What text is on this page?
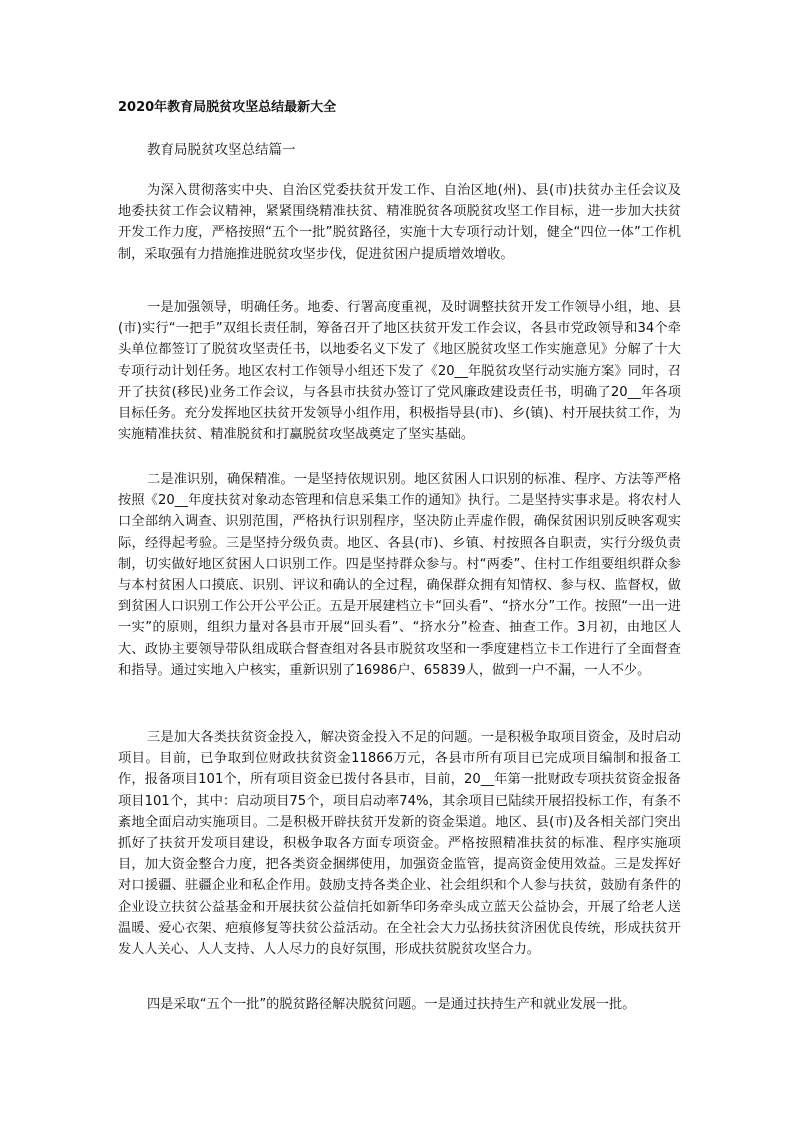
2020年教育局脱贫攻坚总结最新大全
教育局脱贫攻坚总结篇一

为深入贯彻落实中央、自治区党委扶贫开发工作、自治区地(州)、县(市)扶贫办主任会议及地委扶贫工作会议精神，紧紧围绕精准扶贫、精准脱贫各项脱贫攻坚工作目标，进一步加大扶贫开发工作力度，严格按照“五个一批”脱贫路径，实施十大专项行动计划，健全“四位一体”工作机制，采取强有力措施推进脱贫攻坚步伐，促进贫困户提质增效增收。

一是加强领导，明确任务。地委、行署高度重视，及时调整扶贫开发工作领导小组，地、县(市)实行“一把手”双组长责任制，筹备召开了地区扶贫开发工作会议，各县市党政领导和34个牵头单位都签订了脱贫攻坚责任书，以地委名义下发了《地区脱贫攻坚工作实施意见》分解了十大专项行动计划任务。地区农村工作领导小组还下发了《20__年脱贫攻坚行动实施方案》同时，召开了扶贫(移民)业务工作会议，与各县市扶贫办签订了党风廉政建设责任书，明确了20__年各项目标任务。充分发挥地区扶贫开发领导小组作用，积极指导县(市)、乡(镇)、村开展扶贫工作，为实施精准扶贫、精准脱贫和打赢脱贫攻坚战奠定了坚实基础。

二是准识别，确保精准。一是坚持依规识别。地区贫困人口识别的标准、程序、方法等严格按照《20__年度扶贫对象动态管理和信息采集工作的通知》执行。二是坚持实事求是。将农村人口全部纳入调查、识别范围，严格执行识别程序，坚决防止弄虚作假，确保贫困识别反映客观实际，经得起考验。三是坚持分级负责。地区、各县(市)、乡镇、村按照各自职责，实行分级负责制，切实做好地区贫困人口识别工作。四是坚持群众参与。村“两委”、住村工作组要组织群众参与本村贫困人口摸底、识别、评议和确认的全过程，确保群众拥有知情权、参与权、监督权，做到贫困人口识别工作公开公平公正。五是开展建档立卡“回头看”、“挤水分”工作。按照“一出一进一实”的原则，组织力量对各县市开展“回头看”、“挤水分”检查、抽查工作。3月初，由地区人大、政协主要领导带队组成联合督查组对各县市脱贫攻坚和一季度建档立卡工作进行了全面督查和指导。通过实地入户核实，重新识别了16986户、65839人，做到一户不漏，一人不少。

三是加大各类扶贫资金投入，解决资金投入不足的问题。一是积极争取项目资金，及时启动项目。目前，已争取到位财政扶贫资金11866万元，各县市所有项目已完成项目编制和报备工作，报备项目101个，所有项目资金已拨付各县市，目前，20__年第一批财政专项扶贫资金报备项目101个，其中：启动项目75个，项目启动率74%，其余项目已陆续开展招投标工作，有条不紊地全面启动实施项目。二是积极开辟扶贫开发新的资金渠道。地区、县(市)及各相关部门突出抓好了扶贫开发项目建设，积极争取各方面专项资金。严格按照精准扶贫的标准、程序实施项目，加大资金整合力度，把各类资金捆绑使用，加强资金监管，提高资金使用效益。三是发挥好对口援疆、驻疆企业和私企作用。鼓励支持各类企业、社会组织和个人参与扶贫，鼓励有条件的企业设立扶贫公益基金和开展扶贫公益信托如新华印务牵头成立蓝天公益协会，开展了给老人送温暖、爱心衣架、疤痕修复等扶贫公益活动。在全社会大力弘扬扶贫济困优良传统，形成扶贫开发人人关心、人人支持、人人尽力的良好氛围，形成扶贫脱贫攻坚合力。

四是采取“五个一批”的脱贫路径解决脱贫问题。一是通过扶持生产和就业发展一批。
